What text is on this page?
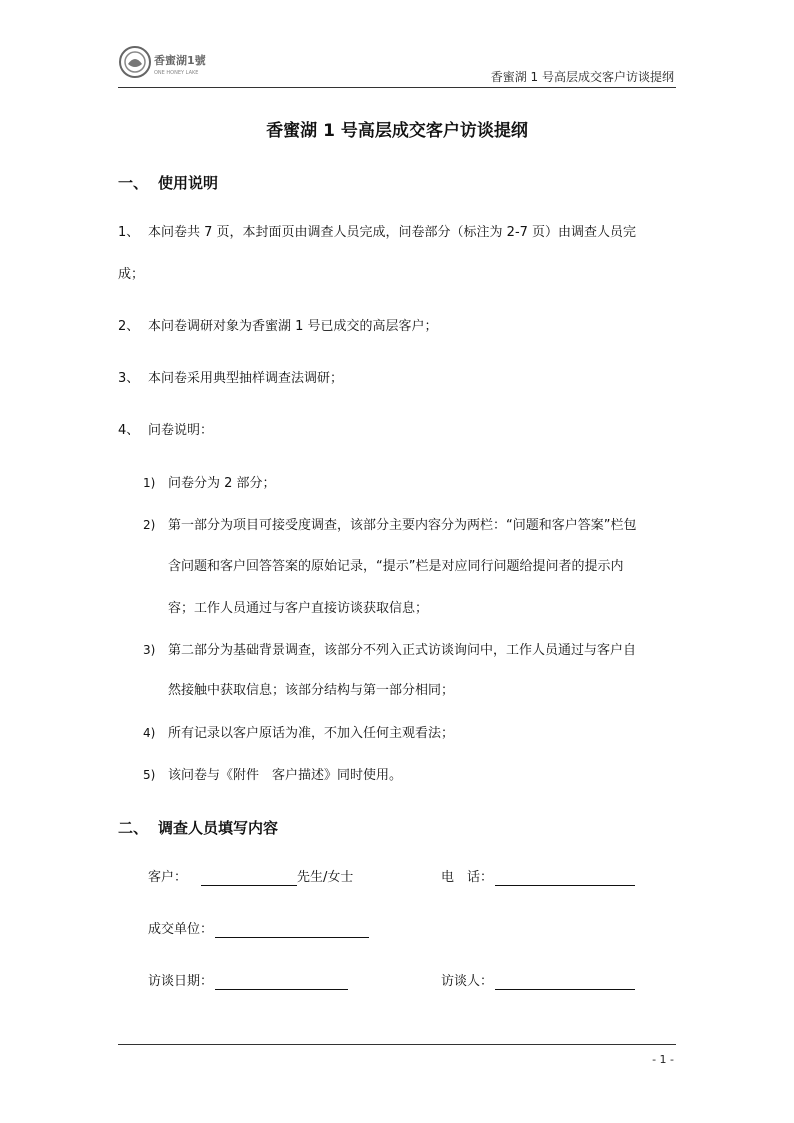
香蜜湖1號
ONE HONEY LAKE	香蜜湖 1 号高层成交客户访谈提纲
香蜜湖 1 号高层成交客户访谈提纲
一、 使用说明
1、 本问卷共 7 页，本封面页由调查人员完成，问卷部分（标注为 2-7 页）由调查人员完
成；
2、 本问卷调研对象为香蜜湖 1 号已成交的高层客户；
3、 本问卷采用典型抽样调查法调研；
4、 问卷说明：
1) 问卷分为 2 部分；
2) 第一部分为项目可接受度调查，该部分主要内容分为两栏：“问题和客户答案”栏包
含问题和客户回答答案的原始记录，“提示”栏是对应同行问题给提问者的提示内
容；工作人员通过与客户直接访谈获取信息；
3) 第二部分为基础背景调查，该部分不列入正式访谈询问中，工作人员通过与客户自
然接触中获取信息；该部分结构与第一部分相同；
4) 所有记录以客户原话为准，不加入任何主观看法；
5) 该问卷与《附件　客户描述》同时使用。
二、 调查人员填写内容
客户：	先生/女士	电　话：
成交单位：
访谈日期：	访谈人：
- 1 -
